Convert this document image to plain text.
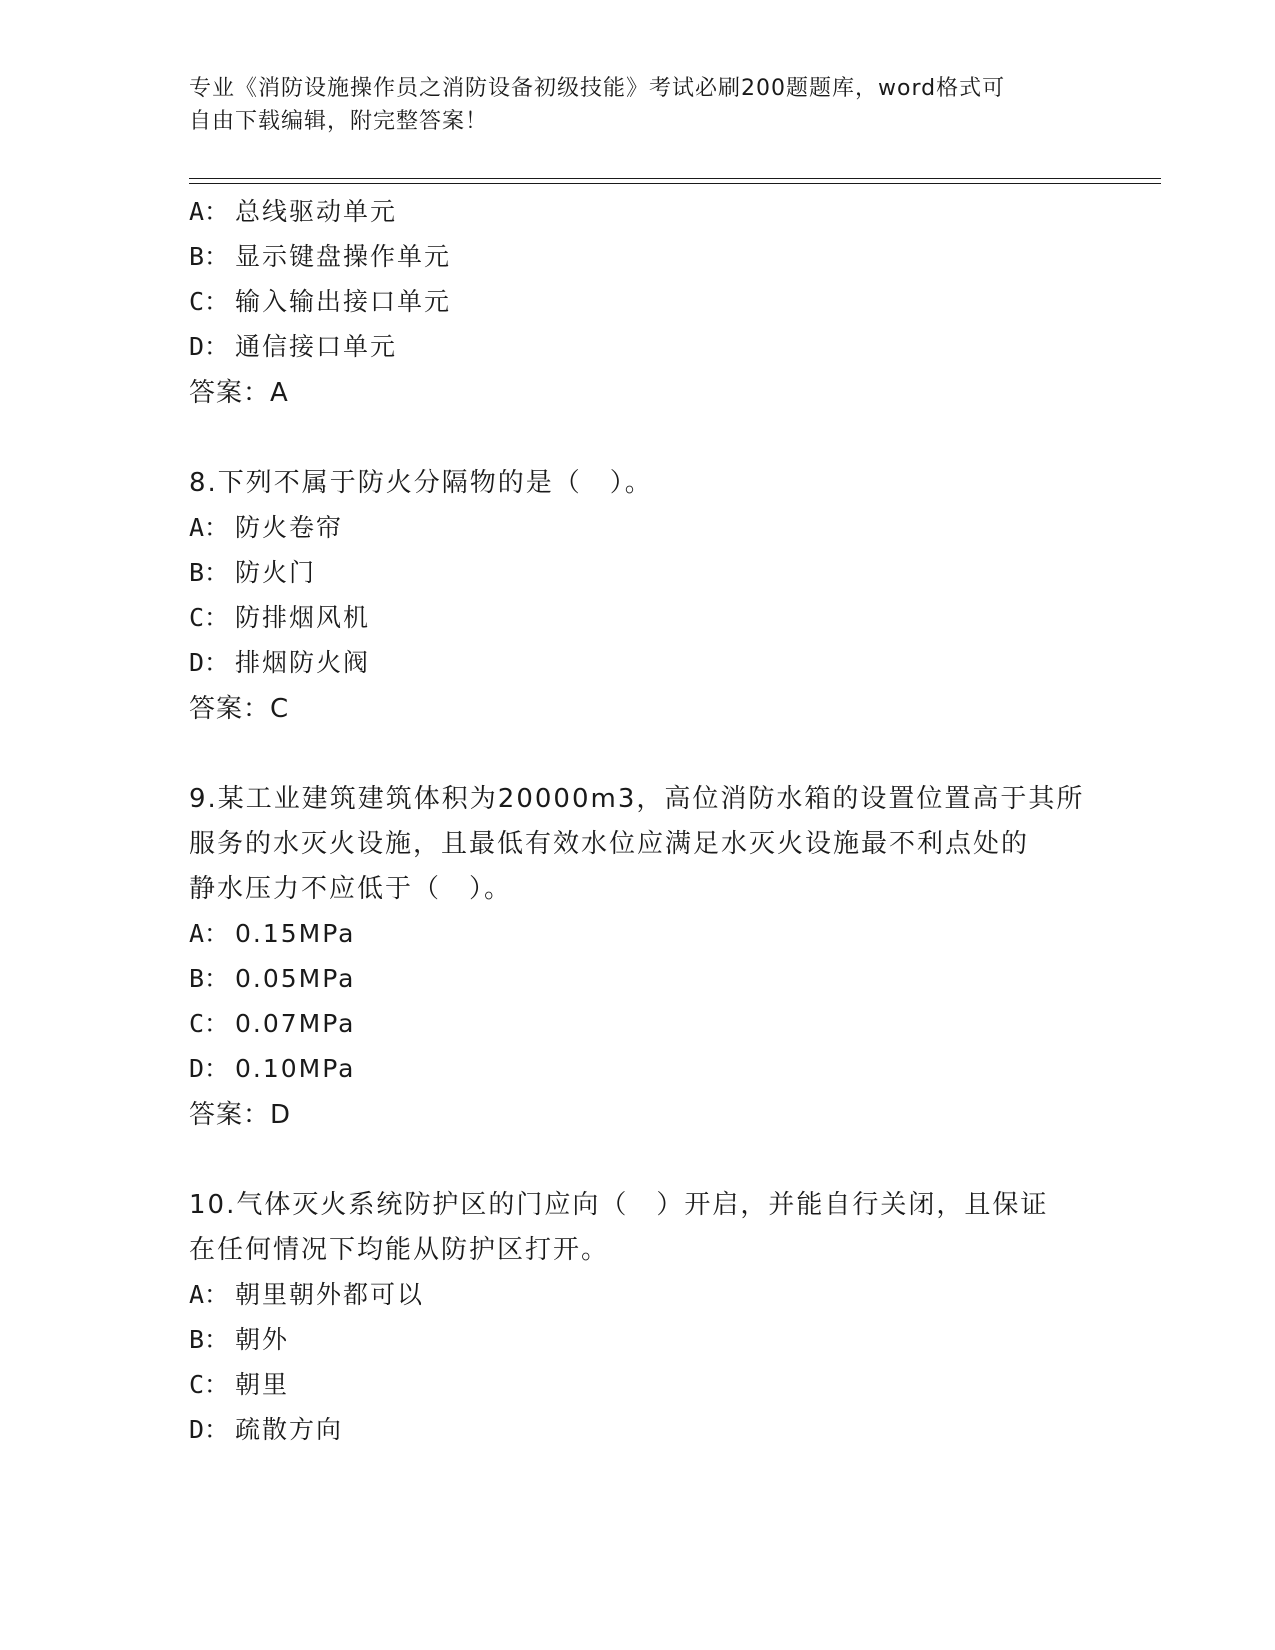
专业《消防设施操作员之消防设备初级技能》考试必刷200题题库，word格式可
自由下载编辑，附完整答案！
A： 总线驱动单元
B： 显示键盘操作单元
C： 输入输出接口单元
D： 通信接口单元
答案：A
8.下列不属于防火分隔物的是（　）。
A： 防火卷帘
B： 防火门
C： 防排烟风机
D： 排烟防火阀
答案：C
9.某工业建筑建筑体积为20000m3，高位消防水箱的设置位置高于其所
服务的水灭火设施，且最低有效水位应满足水灭火设施最不利点处的
静水压力不应低于（　）。
A： 0.15MPa
B： 0.05MPa
C： 0.07MPa
D： 0.10MPa
答案：D
10.气体灭火系统防护区的门应向（　）开启，并能自行关闭，且保证
在任何情况下均能从防护区打开。
A： 朝里朝外都可以
B： 朝外
C： 朝里
D： 疏散方向
